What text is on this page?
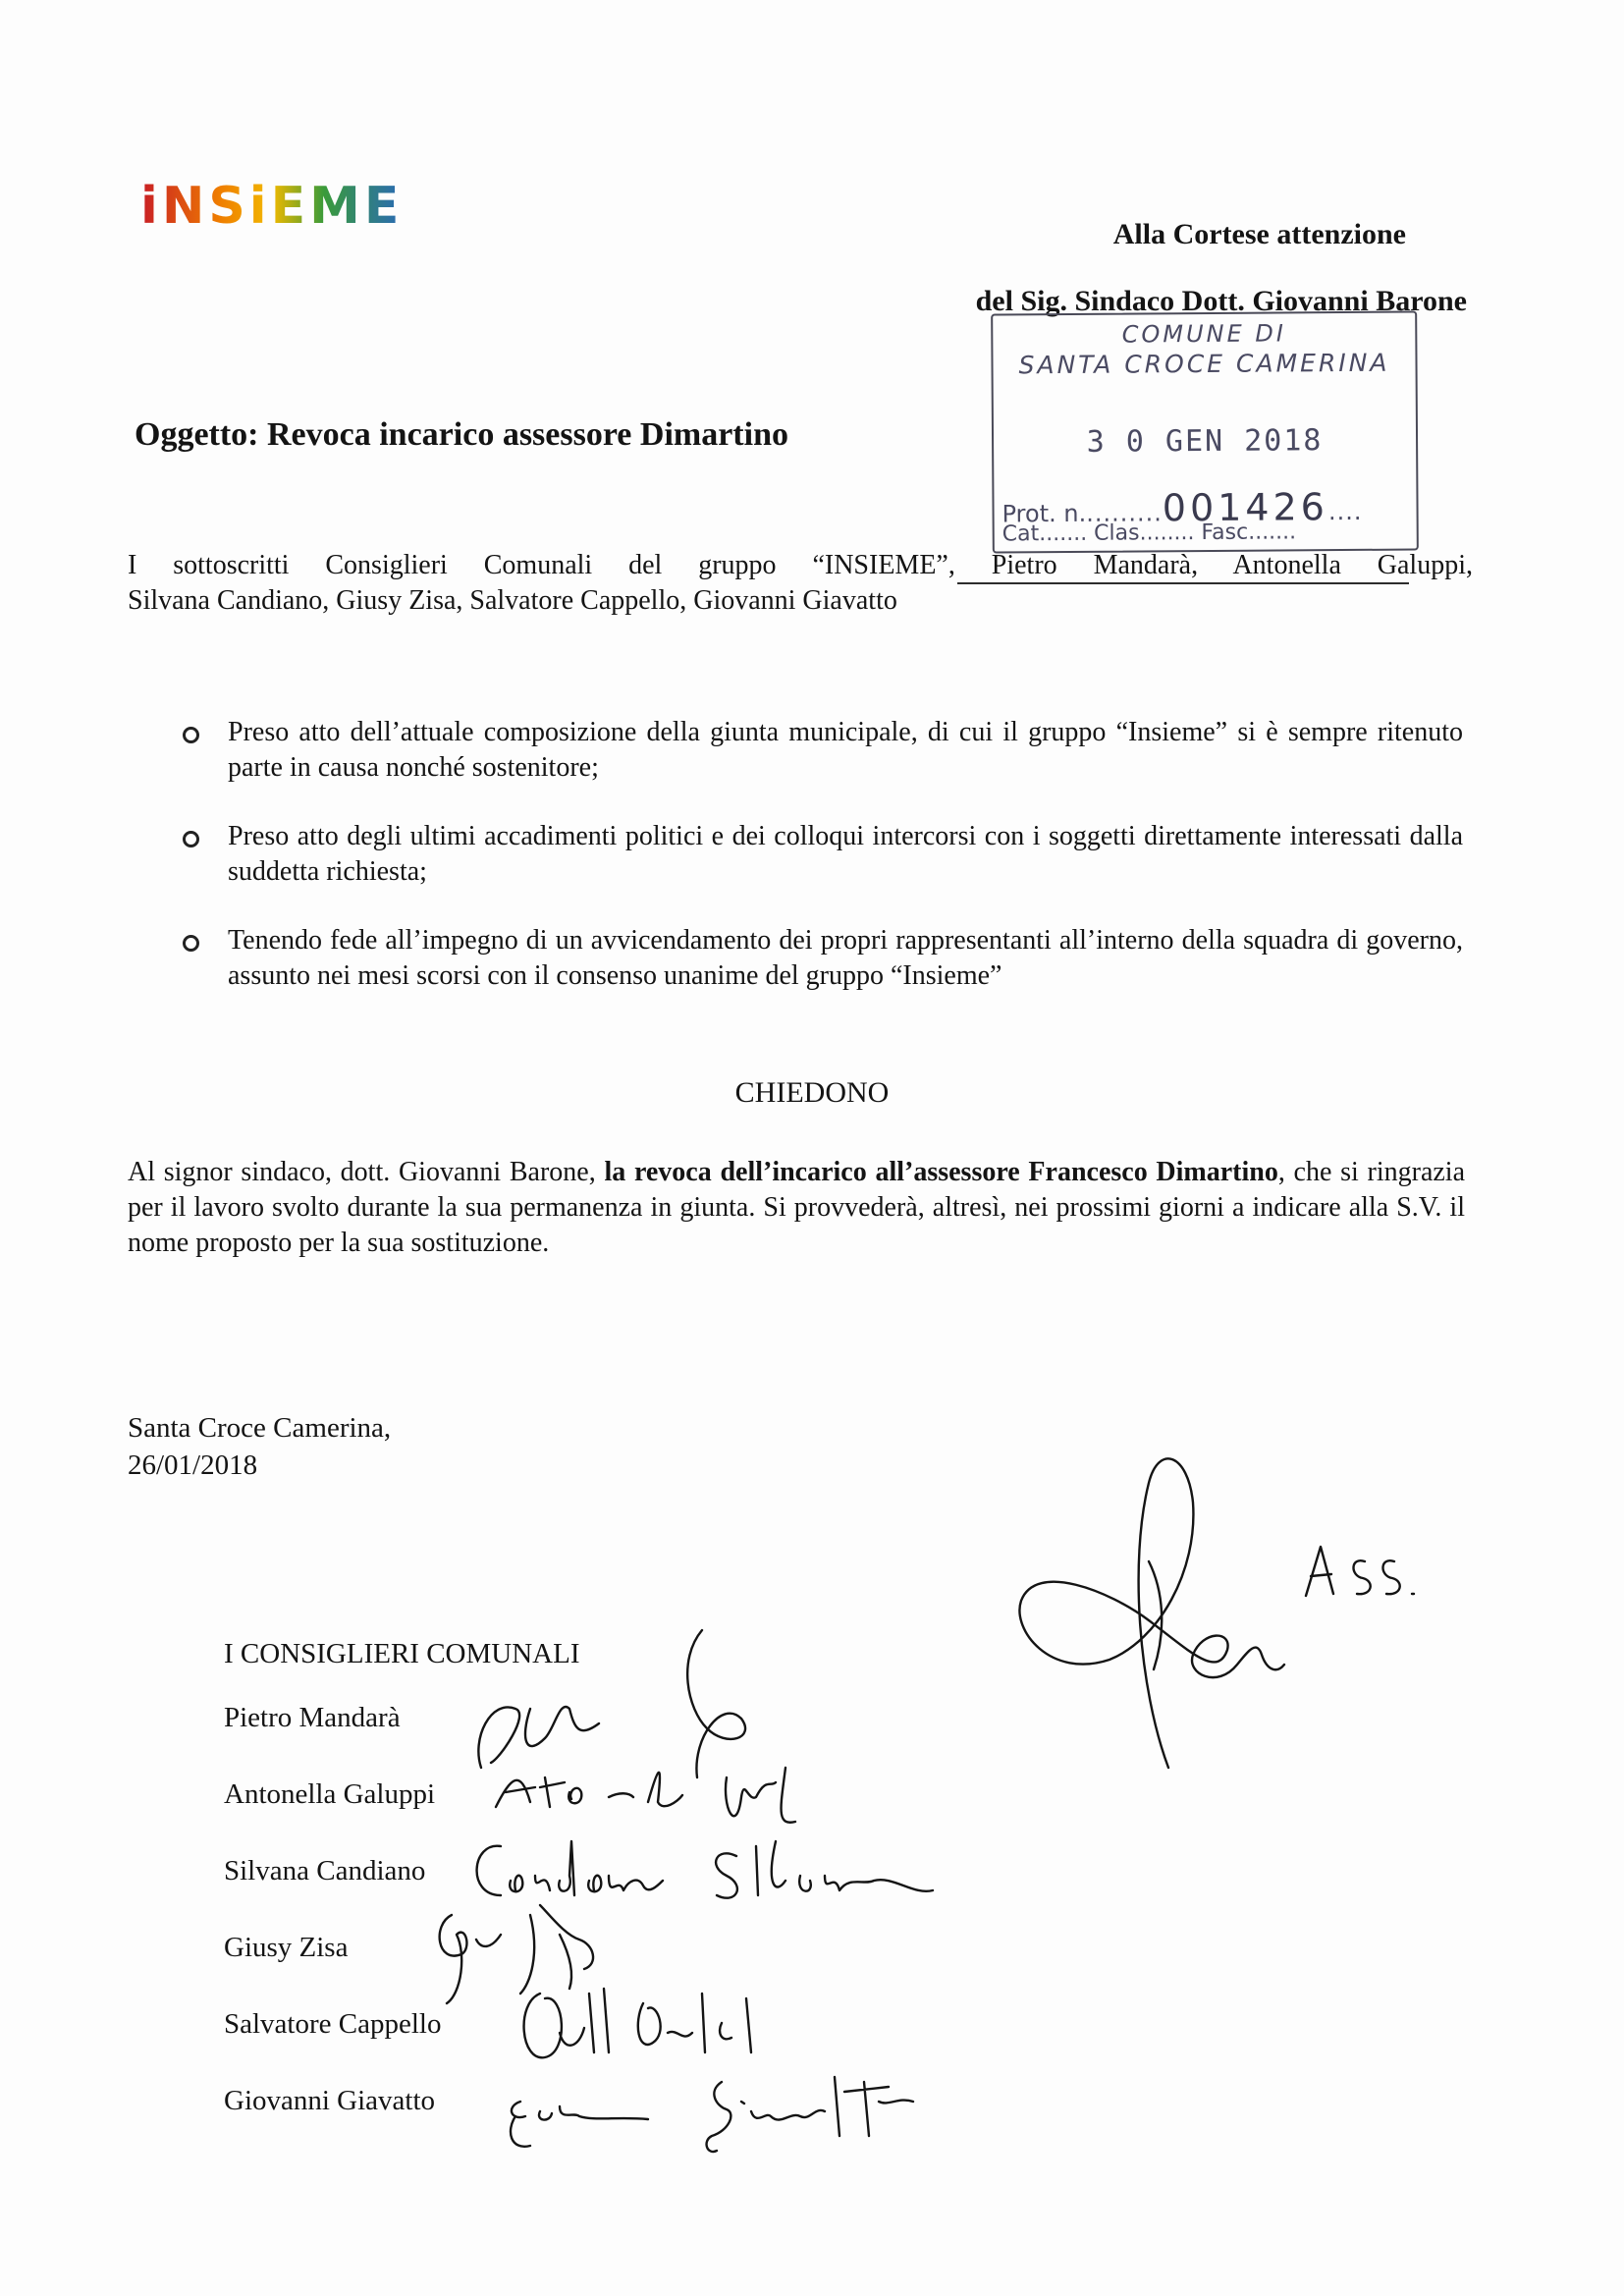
iNSiEME	Alla Cortese attenzione
del Sig. Sindaco Dott. Giovanni Barone
Oggetto: Revoca incarico assessore Dimartino
I sottoscritti Consiglieri Comunali del gruppo “INSIEME”, Pietro Mandarà, Antonella Galuppi,
Silvana Candiano, Giusy Zisa, Salvatore Cappello, Giovanni Giavatto
Preso atto dell’attuale composizione della giunta municipale, di cui il gruppo “Insieme” si è sempre ritenuto parte in causa nonché sostenitore;
Preso atto degli ultimi accadimenti politici e dei colloqui intercorsi con i soggetti direttamente interessati dalla suddetta richiesta;
Tenendo fede all’impegno di un avvicendamento dei propri rappresentanti all’interno della squadra di governo, assunto nei mesi scorsi con il consenso unanime del gruppo “Insieme”
CHIEDONO
Al signor sindaco, dott. Giovanni Barone, la revoca dell’incarico all’assessore Francesco Dimartino, che si ringrazia per il lavoro svolto durante la sua permanenza in giunta. Si provvederà, altresì, nei prossimi giorni a indicare alla S.V. il nome proposto per la sua sostituzione.
Santa Croce Camerina,
26/01/2018
I CONSIGLIERI COMUNALI
Pietro Mandarà
Antonella Galuppi
Silvana Candiano
Giusy Zisa
Salvatore Cappello
Giovanni Giavatto
COMUNE DI
SANTA CROCE CAMERINA
3 0 GEN 2018
Prot. n..........001426....
Cat....... Clas........ Fasc.......
